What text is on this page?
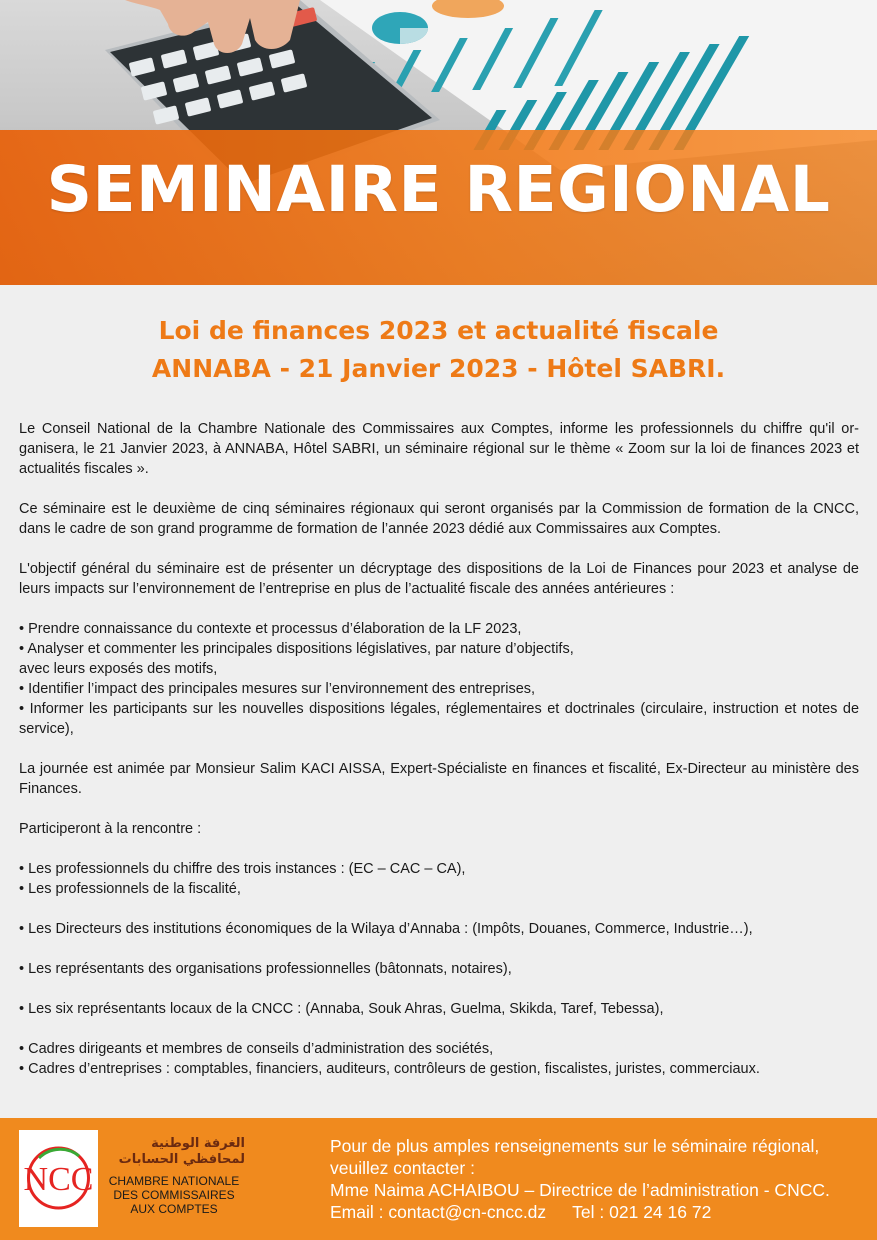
SEMINAIRE REGIONAL
Loi de finances 2023 et actualité fiscale
ANNABA - 21 Janvier 2023 - Hôtel SABRI.

Le Conseil National de la Chambre Nationale des Commissaires aux Comptes, informe les professionnels du chiffre qu'il or-ganisera, le 21 Janvier 2023, à ANNABA, Hôtel SABRI, un séminaire régional sur le thème « Zoom sur la loi de finances 2023 et actualités fiscales ».

Ce séminaire est le deuxième de cinq séminaires régionaux qui seront organisés par la Commission de formation de la CNCC, dans le cadre de son grand programme de formation de l’année 2023 dédié aux Commissaires aux Comptes.

L'objectif général du séminaire est de présenter un décryptage des dispositions de la Loi de Finances pour 2023 et analyse de leurs impacts sur l’environnement de l’entreprise en plus de l’actualité fiscale des années antérieures :

• Prendre connaissance du contexte et processus d’élaboration de la LF 2023,

• Analyser et commenter les principales dispositions législatives, par nature d’objectifs,

avec leurs exposés des motifs,

• Identifier l’impact des principales mesures sur l’environnement des entreprises,

• Informer les participants sur les nouvelles dispositions légales, réglementaires et doctrinales (circulaire, instruction et notes de service),

La journée est animée par Monsieur Salim KACI AISSA, Expert-Spécialiste en finances et fiscalité, Ex-Directeur au ministère des Finances.

Participeront à la rencontre :

• Les professionnels du chiffre des trois instances : (EC – CAC – CA),

• Les professionnels de la fiscalité,

• Les Directeurs des institutions économiques de la Wilaya d’Annaba : (Impôts, Douanes, Commerce, Industrie…),

• Les représentants des organisations professionnelles (bâtonnats, notaires),

• Les six représentants locaux de la CNCC : (Annaba, Souk Ahras, Guelma, Skikda, Taref, Tebessa),

• Cadres dirigeants et membres de conseils d’administration des sociétés,

• Cadres d’entreprises : comptables, financiers, auditeurs, contrôleurs de gestion, fiscalistes, juristes, commerciaux.

NCC
الغرفة الوطنية
لمحافظي الحسابات
CHAMBRE NATIONALE
DES COMMISSAIRES
AUX COMPTES

Pour de plus amples renseignements sur le séminaire régional,

veuillez contacter :

Mme Naima ACHAIBOU – Directrice de l’administration - CNCC.

Email : contact@cn-cncc.dz Tel : 021 24 16 72
